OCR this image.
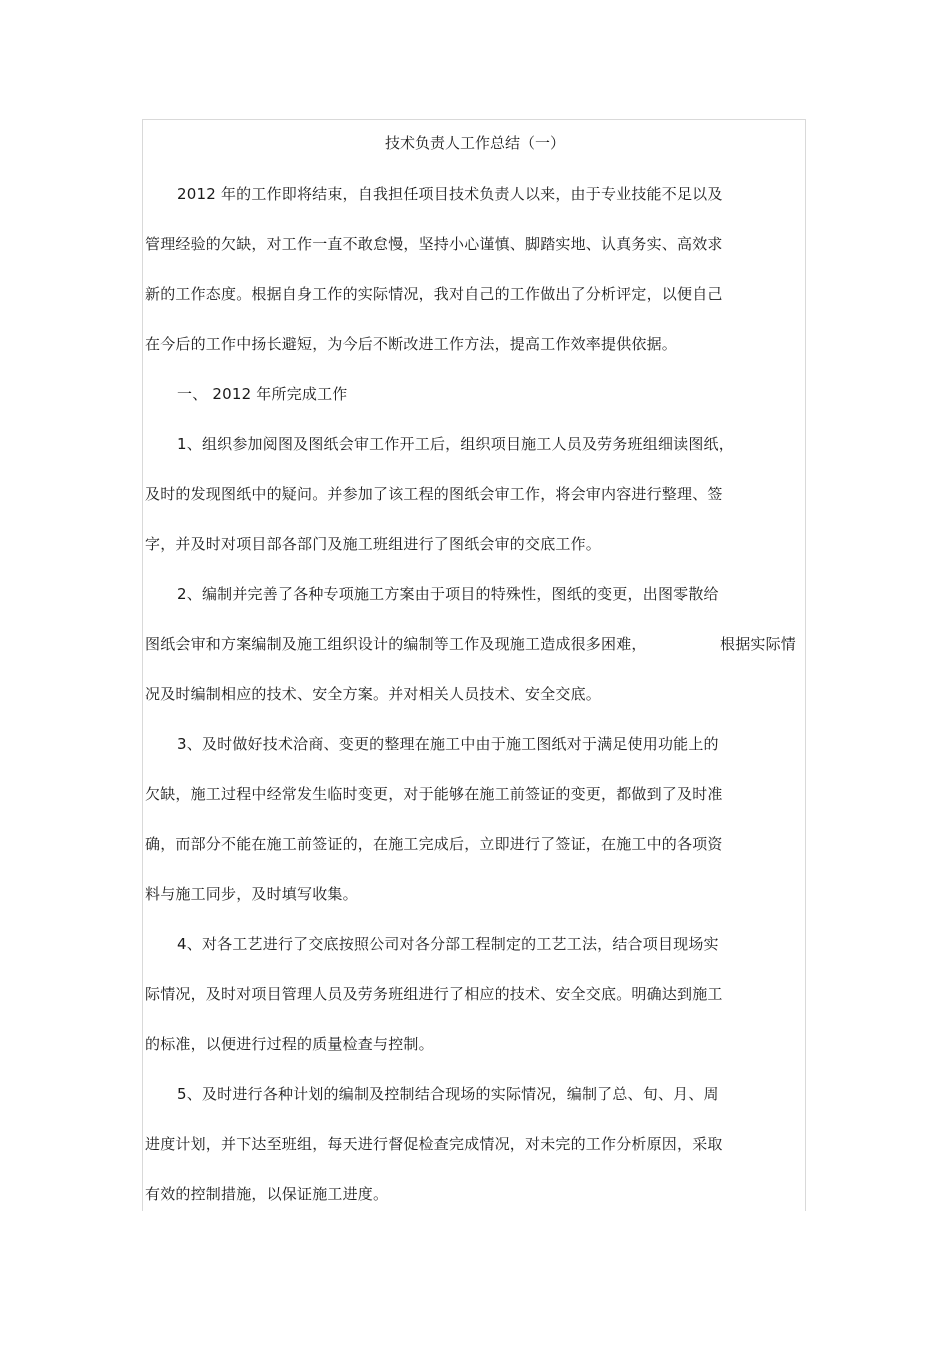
技术负责人工作总结（一）
2012 年的工作即将结束，自我担任项目技术负责人以来，由于专业技能不足以及
管理经验的欠缺，对工作一直不敢怠慢，坚持小心谨慎、脚踏实地、认真务实、高效求
新的工作态度。根据自身工作的实际情况，我对自己的工作做出了分析评定，以便自己
在今后的工作中扬长避短，为今后不断改进工作方法，提高工作效率提供依据。
一、 2012 年所完成工作
1、组织参加阅图及图纸会审工作开工后，组织项目施工人员及劳务班组细读图纸，
及时的发现图纸中的疑问。并参加了该工程的图纸会审工作，将会审内容进行整理、签
字，并及时对项目部各部门及施工班组进行了图纸会审的交底工作。
2、编制并完善了各种专项施工方案由于项目的特殊性，图纸的变更，出图零散给
图纸会审和方案编制及施工组织设计的编制等工作及现施工造成很多困难，	根据实际情
况及时编制相应的技术、安全方案。并对相关人员技术、安全交底。
3、及时做好技术洽商、变更的整理在施工中由于施工图纸对于满足使用功能上的
欠缺，施工过程中经常发生临时变更，对于能够在施工前签证的变更，都做到了及时准
确，而部分不能在施工前签证的，在施工完成后，立即进行了签证，在施工中的各项资
料与施工同步，及时填写收集。
4、对各工艺进行了交底按照公司对各分部工程制定的工艺工法，结合项目现场实
际情况，及时对项目管理人员及劳务班组进行了相应的技术、安全交底。明确达到施工
的标准，以便进行过程的质量检查与控制。
5、及时进行各种计划的编制及控制结合现场的实际情况，编制了总、旬、月、周
进度计划，并下达至班组，每天进行督促检查完成情况，对未完的工作分析原因，采取
有效的控制措施，以保证施工进度。
